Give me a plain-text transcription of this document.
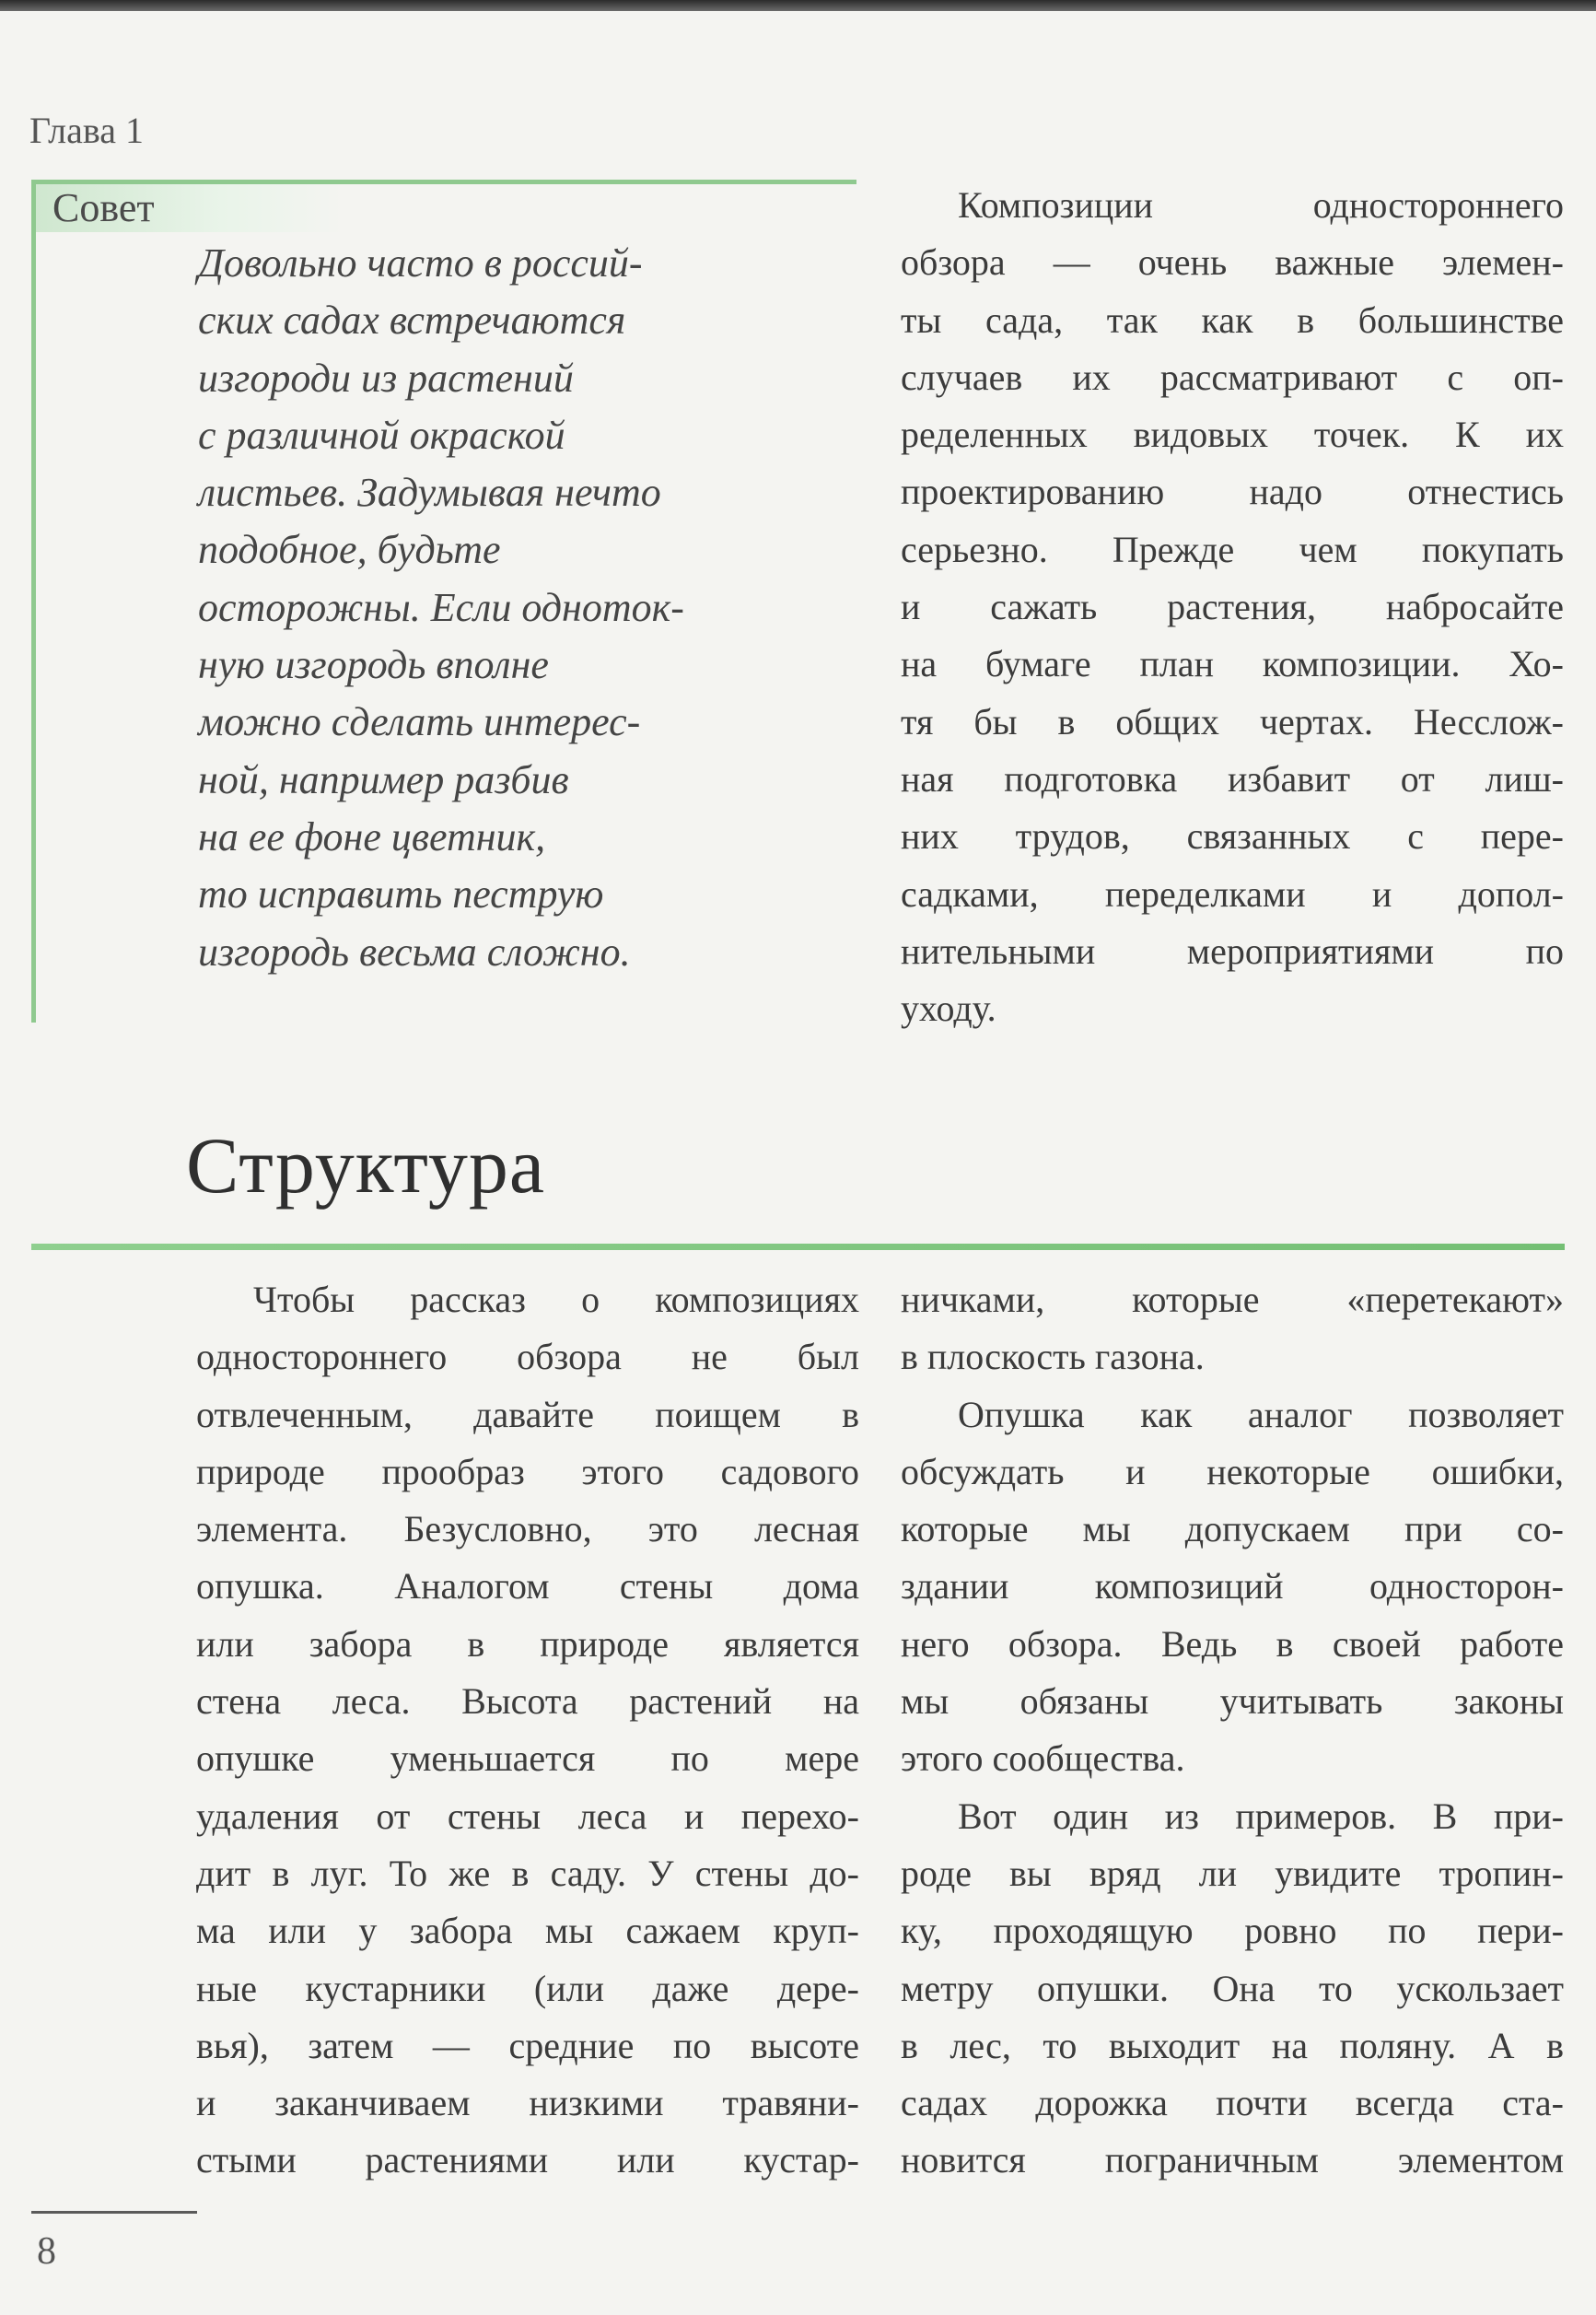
Глава 1
Совет
Довольно часто в россий-
ских садах встречаются
изгороди из растений
с различной окраской
листьев. Задумывая нечто
подобное, будьте
осторожны. Если одноток-
ную изгородь вполне
можно сделать интерес-
ной, например разбив
на ее фоне цветник,
то исправить пеструю
изгородь весьма сложно.
Композиции одностороннего
обзора — очень важные элемен-
ты сада, так как в большинстве
случаев их рассматривают с оп-
ределенных видовых точек. К их
проектированию надо отнестись
серьезно. Прежде чем покупать
и сажать растения, набросайте
на бумаге план композиции. Хо-
тя бы в общих чертах. Несслож-
ная подготовка избавит от лиш-
них трудов, связанных с пере-
садками, переделками и допол-
нительными мероприятиями по
уходу.
Структура
Чтобы рассказ о композициях
одностороннего обзора не был
отвлеченным, давайте поищем в
природе прообраз этого садового
элемента. Безусловно, это лесная
опушка. Аналогом стены дома
или забора в природе является
стена леса. Высота растений на
опушке уменьшается по мере
удаления от стены леса и перехо-
дит в луг. То же в саду. У стены до-
ма или у забора мы сажаем круп-
ные кустарники (или даже дере-
вья), затем — средние по высоте
и заканчиваем низкими травяни-
стыми растениями или кустар-
ничками, которые «перетекают»
в плоскость газона.
Опушка как аналог позволяет
обсуждать и некоторые ошибки,
которые мы допускаем при со-
здании композиций односторон-
него обзора. Ведь в своей работе
мы обязаны учитывать законы
этого сообщества.
Вот один из примеров. В при-
роде вы вряд ли увидите тропин-
ку, проходящую ровно по пери-
метру опушки. Она то ускользает
в лес, то выходит на поляну. А в
садах дорожка почти всегда ста-
новится пограничным элементом
8
